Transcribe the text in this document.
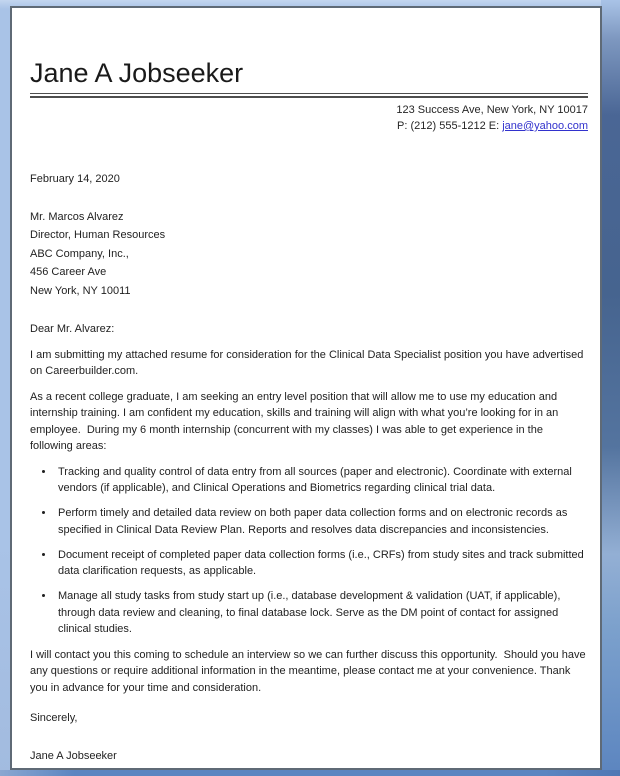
Jane A Jobseeker
123 Success Ave, New York, NY 10017
P: (212) 555-1212 E: jane@yahoo.com
February 14, 2020
Mr. Marcos Alvarez
Director, Human Resources
ABC Company, Inc.,
456 Career Ave
New York, NY 10011
Dear Mr. Alvarez:

I am submitting my attached resume for consideration for the Clinical Data Specialist position you have advertised on Careerbuilder.com.

As a recent college graduate, I am seeking an entry level position that will allow me to use my education and internship training. I am confident my education, skills and training will align with what you’re looking for in an employee.  During my 6 month internship (concurrent with my classes) I was able to get experience in the following areas:

• Tracking and quality control of data entry from all sources (paper and electronic). Coordinate with external vendors (if applicable), and Clinical Operations and Biometrics regarding clinical trial data.
• Perform timely and detailed data review on both paper data collection forms and on electronic records as specified in Clinical Data Review Plan. Reports and resolves data discrepancies and inconsistencies.
• Document receipt of completed paper data collection forms (i.e., CRFs) from study sites and track submitted data clarification requests, as applicable.
• Manage all study tasks from study start up (i.e., database development & validation (UAT, if applicable), through data review and cleaning, to final database lock. Serve as the DM point of contact for assigned clinical studies.

I will contact you this coming to schedule an interview so we can further discuss this opportunity.  Should you have any questions or require additional information in the meantime, please contact me at your convenience. Thank you in advance for your time and consideration.

Sincerely,
Jane A Jobseeker
